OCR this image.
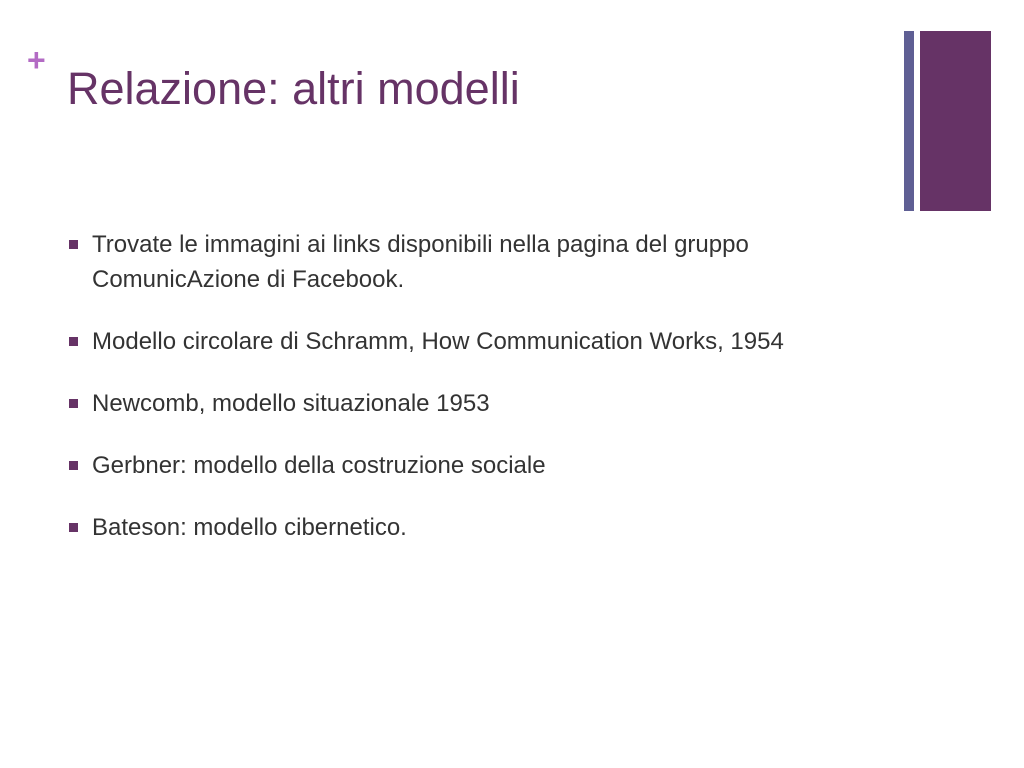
+
Relazione: altri modelli
Trovate le immagini ai links disponibili nella pagina del gruppo ComunicAzione di Facebook.
Modello circolare di Schramm, How Communication Works, 1954
Newcomb, modello situazionale 1953
Gerbner: modello della costruzione sociale
Bateson: modello cibernetico.
